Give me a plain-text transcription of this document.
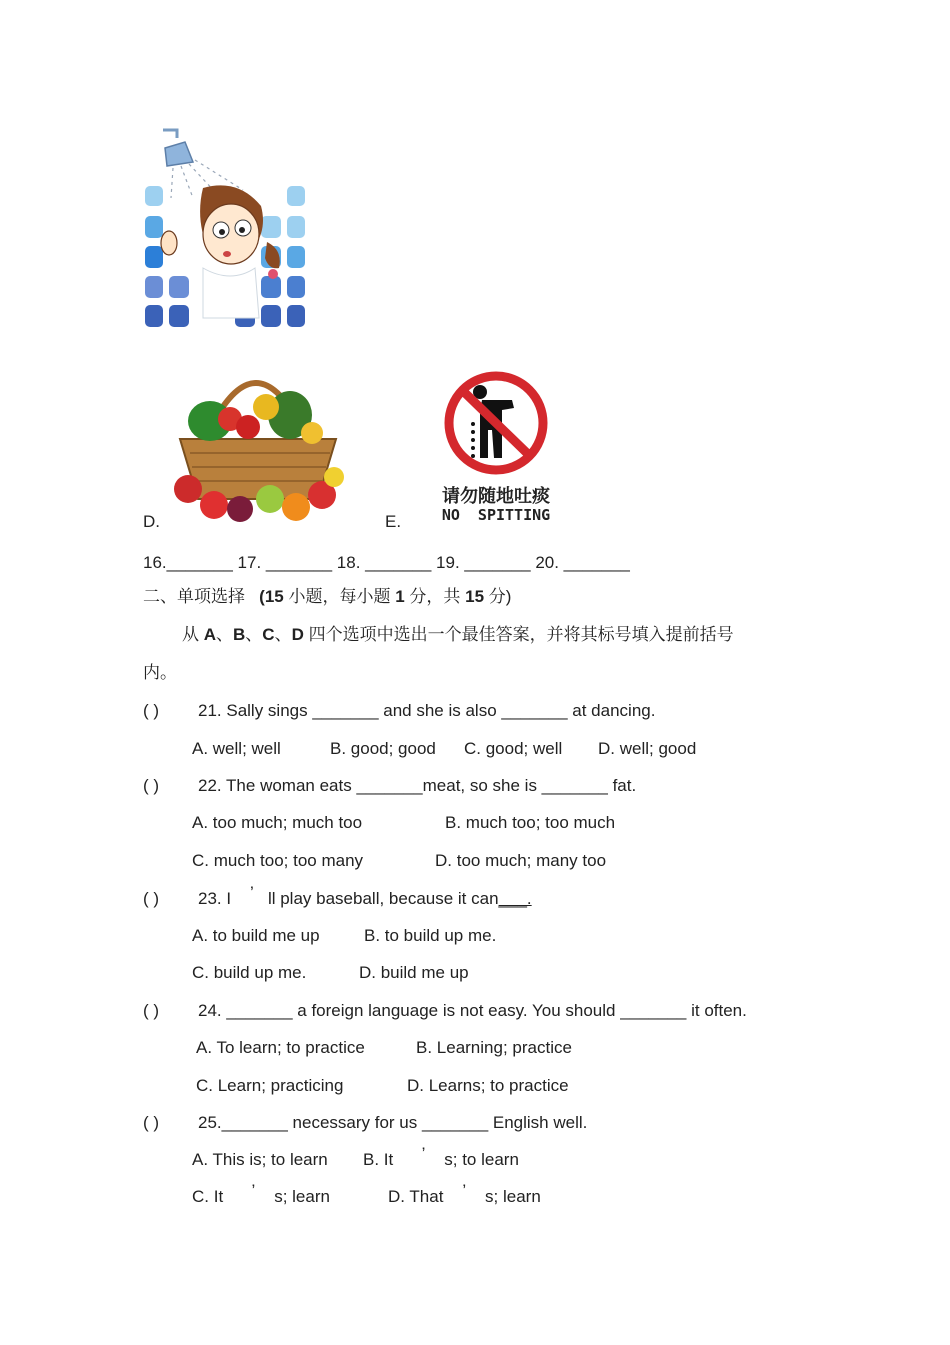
D.	E.
请勿随地吐痰
NO  SPITTING
16._______ 17. _______ 18. _______ 19. _______ 20. _______
二、单项选择 (15 小题，每小题 1 分，共 15 分)
从 A、B、C、D 四个选项中选出一个最佳答案，并将其标号填入提前括号
内。
( ) 21. Sally sings _______ and she is also _______ at dancing.
A. well; well	B. good; good C. good; well D. well; good
( ) 22. The woman eats _______meat, so she is _______ fat.
A. too much; much too	B. much too; too much
C. much too; too many	D. too much; many too
( ) 23. I ’ ll play baseball, because it can___.
A. to build me up	B. to build up me.
C. build up me.	D. build me up
( ) 24. _______ a foreign language is not easy. You should _______ it often.
A. To learn; to practice	B. Learning; practice
C. Learn; practicing	D. Learns; to practice
( ) 25._______ necessary for us _______ English well.
A. This is; to learn B. It ’ s; to learn
C. It ’ s; learn	D. That ’ s; learn
